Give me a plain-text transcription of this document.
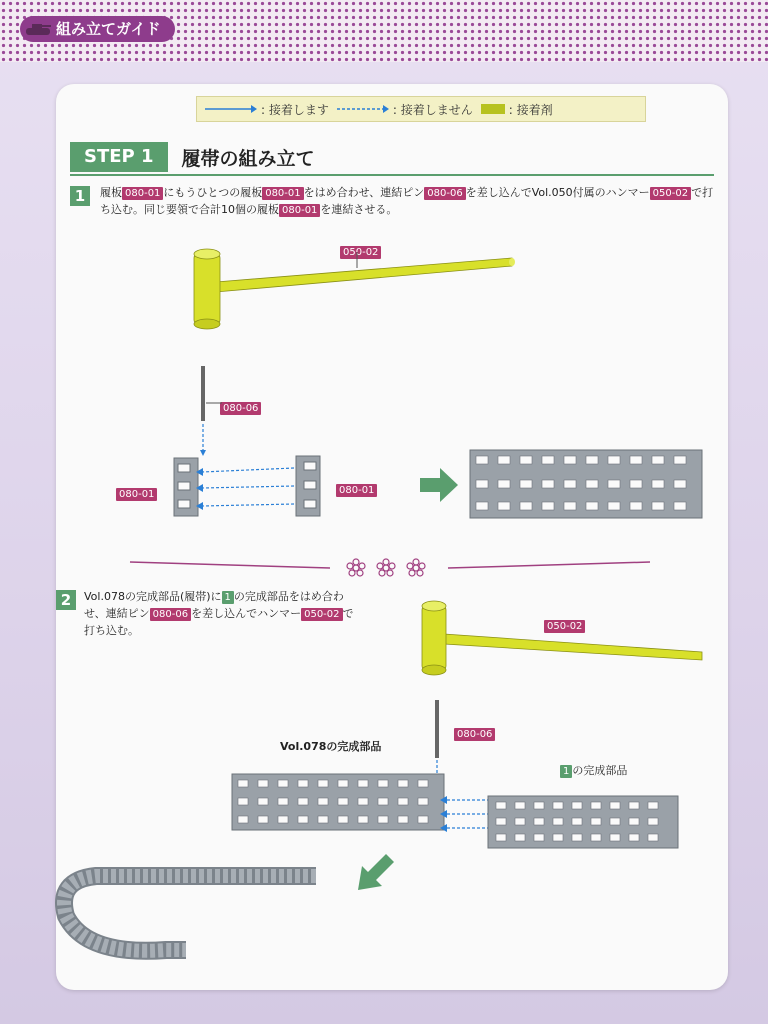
組み立てガイド
: 接着します	: 接着しません	: 接着剤
STEP 1	履帯の組み立て
1	履板 080-01 にもうひとつの履板 080-01 をはめ合わせ、連結ピン 080-06 を差し込んでVol.050付属のハンマー 050-02 で打ち込む。同じ要領で合計10個の履板 080-01 を連結させる。
050-02
080-06
080-01	080-01
2	Vol.078の完成部品(履帯)に 1 の完成部品をはめ合わせ、連結ピン 080-06 を差し込んでハンマー 050-02 で打ち込む。	050-02
080-06
Vol.078の完成部品
1 の完成部品
